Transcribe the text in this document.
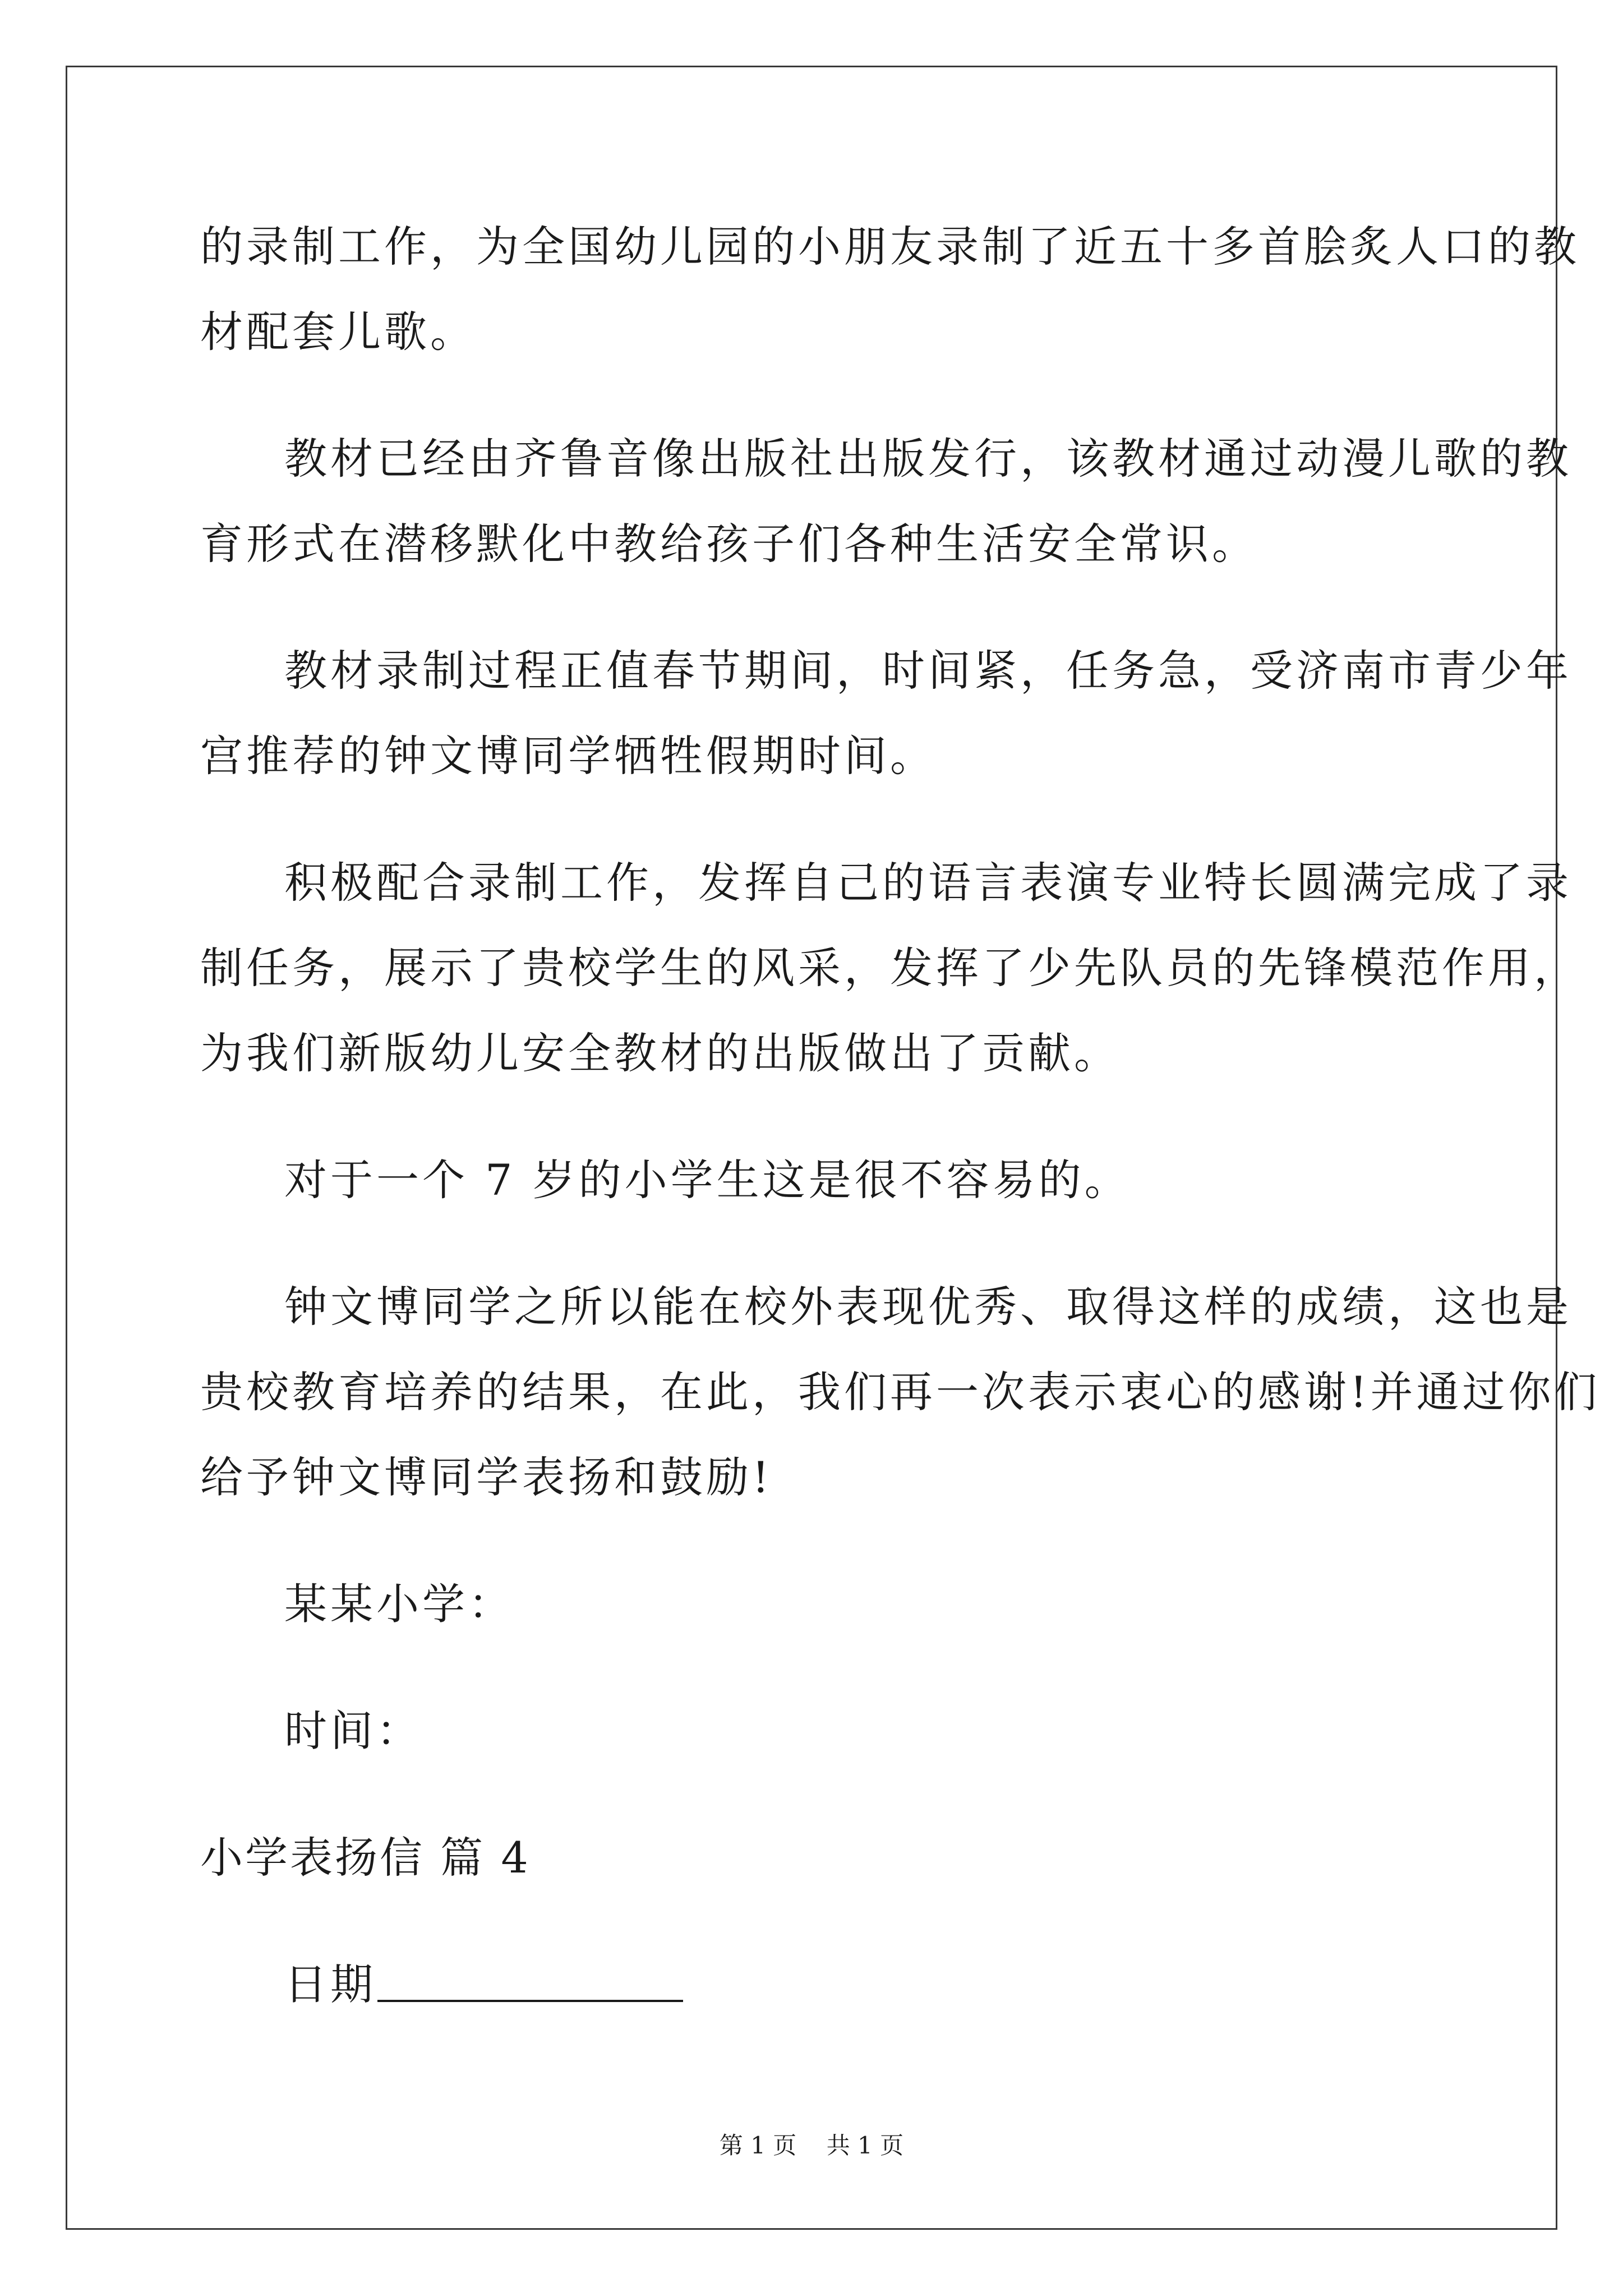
的录制工作，为全国幼儿园的小朋友录制了近五十多首脍炙人口的教
材配套儿歌。
教材已经由齐鲁音像出版社出版发行，该教材通过动漫儿歌的教
育形式在潜移默化中教给孩子们各种生活安全常识。
教材录制过程正值春节期间，时间紧，任务急，受济南市青少年
宫推荐的钟文博同学牺牲假期时间。
积极配合录制工作，发挥自己的语言表演专业特长圆满完成了录
制任务，展示了贵校学生的风采，发挥了少先队员的先锋模范作用，
为我们新版幼儿安全教材的出版做出了贡献。
对于一个 7 岁的小学生这是很不容易的。
钟文博同学之所以能在校外表现优秀、取得这样的成绩，这也是
贵校教育培养的结果，在此，我们再一次表示衷心的感谢!并通过你们
给予钟文博同学表扬和鼓励!
某某小学：
时间：
小学表扬信 篇 4
日期
第 1 页    共 1 页
